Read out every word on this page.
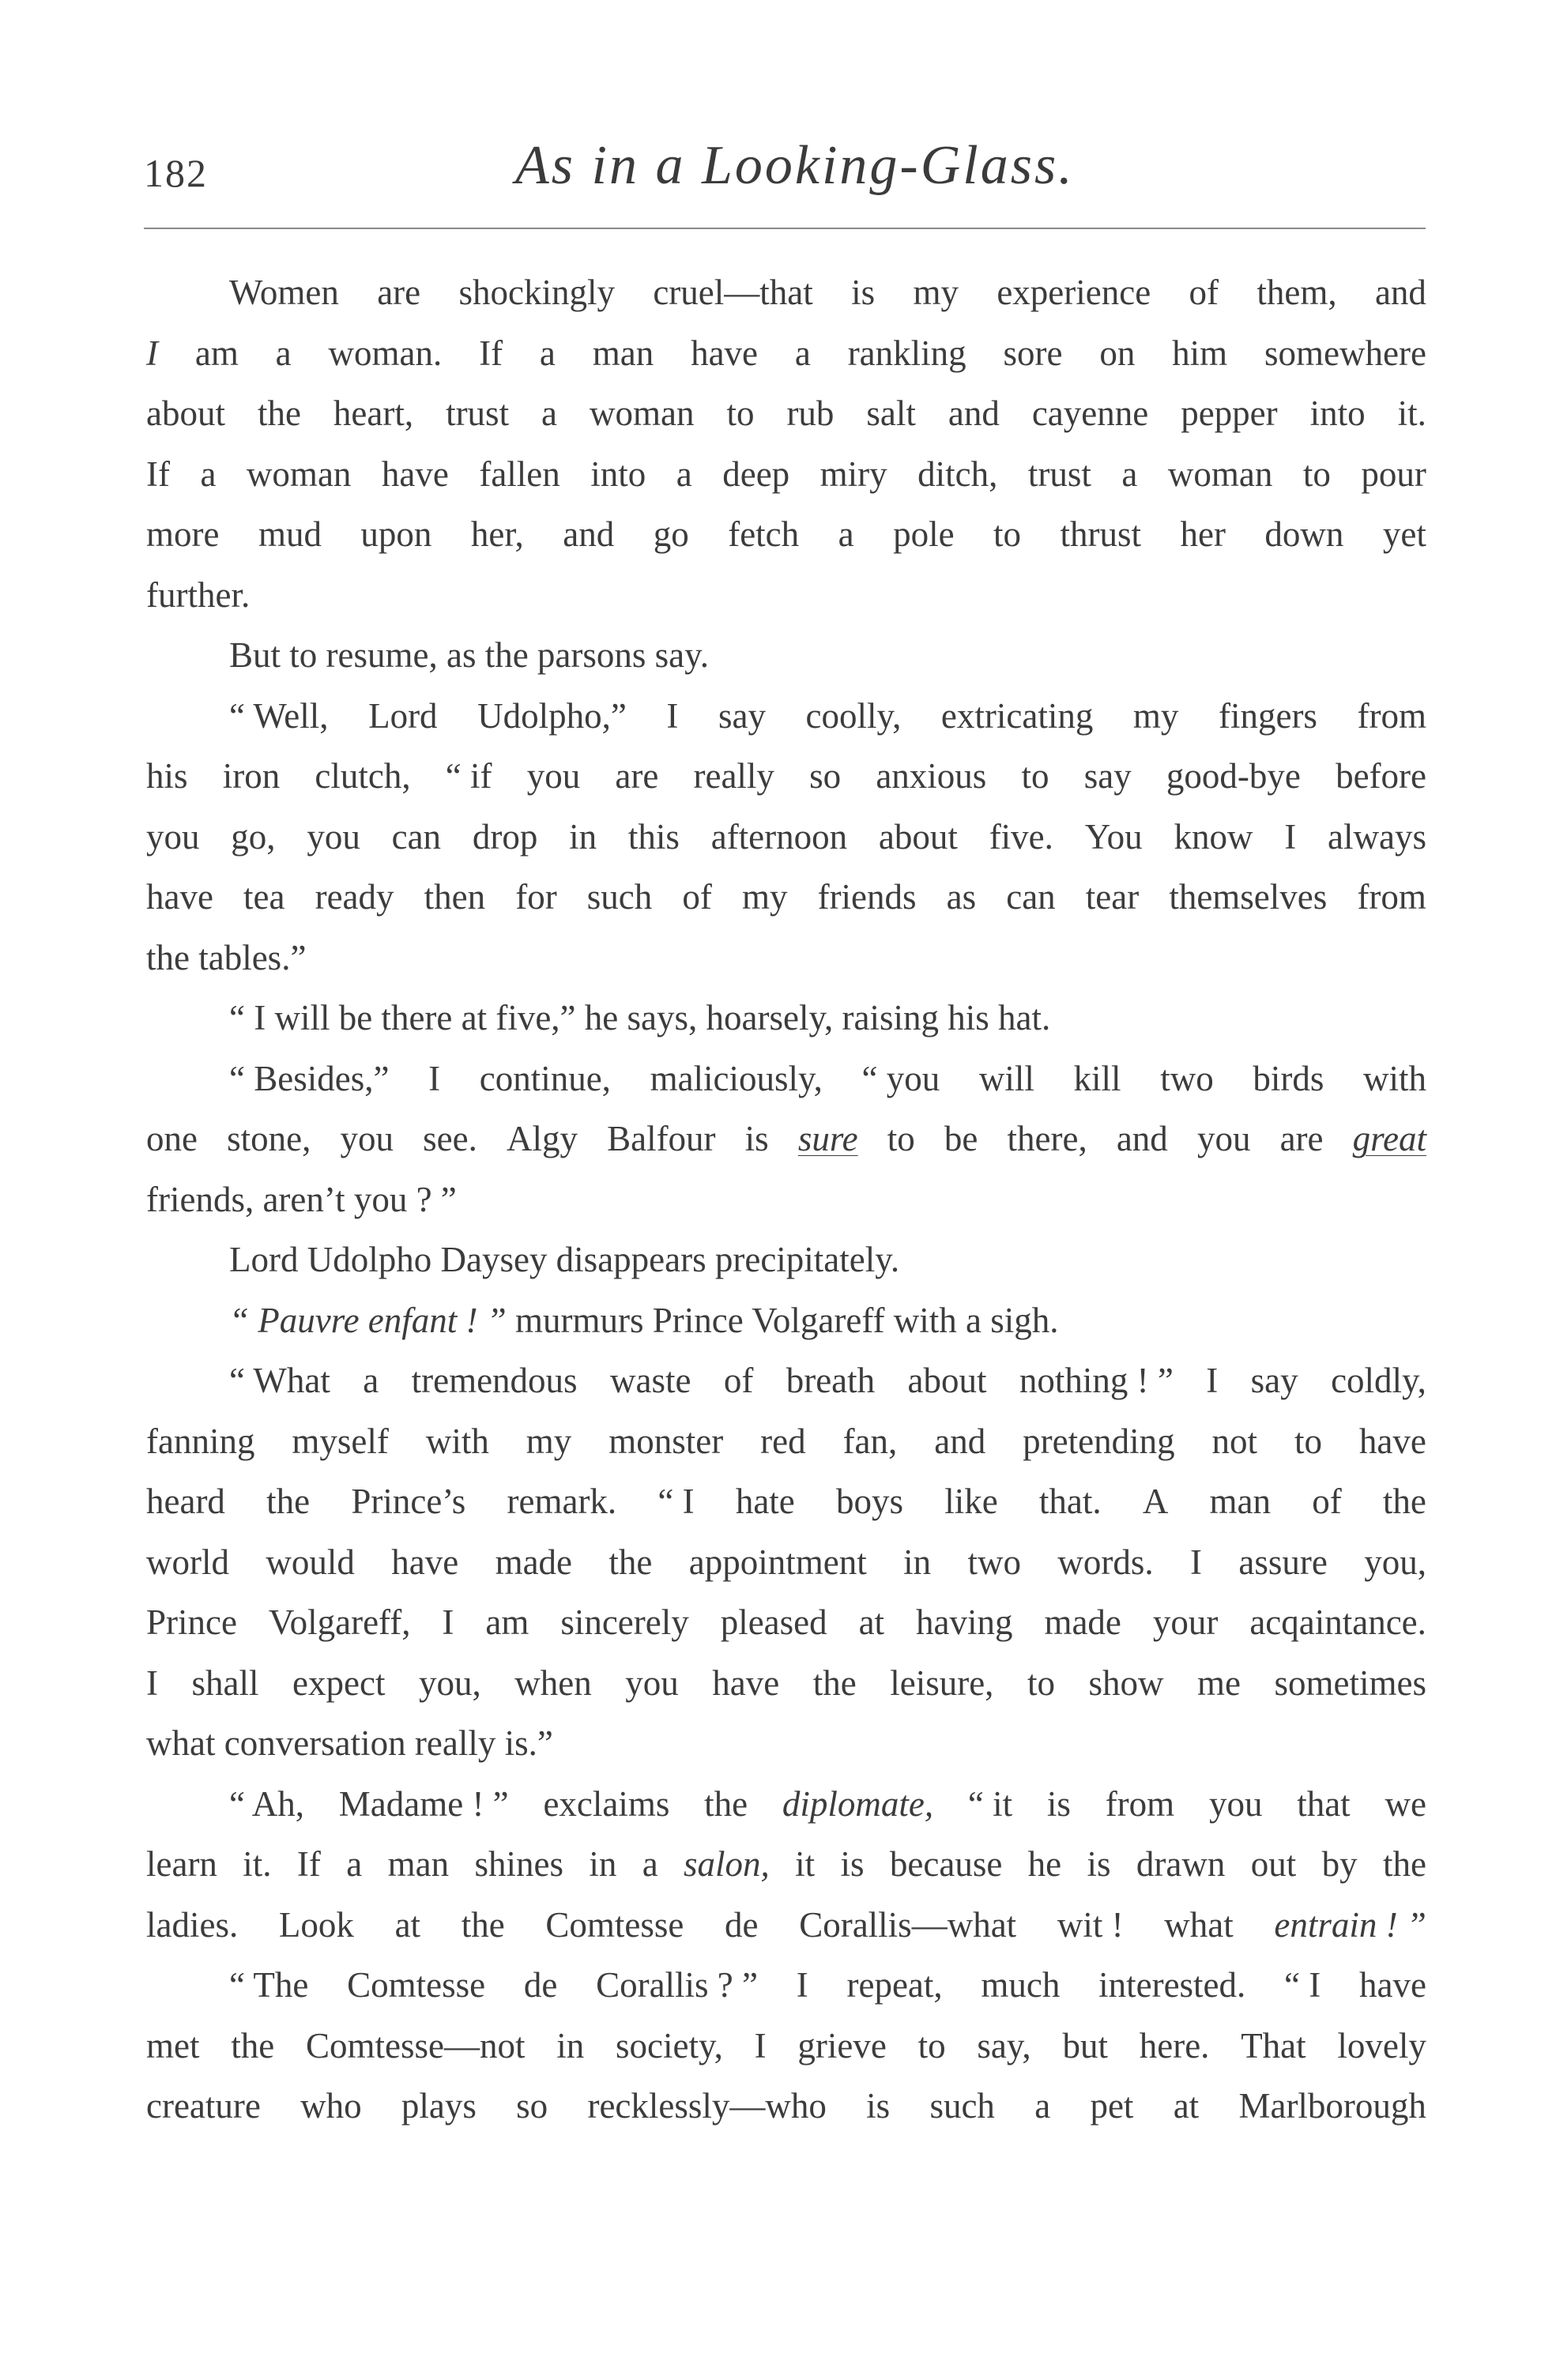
182	As in a Looking-Glass.
Women are shockingly cruel—that is my experience of them, and
I am a woman. If a man have a rankling sore on him somewhere
about the heart, trust a woman to rub salt and cayenne pepper into it.
If a woman have fallen into a deep miry ditch, trust a woman to pour
more mud upon her, and go fetch a pole to thrust her down yet
further.
But to resume, as the parsons say.
“ Well, Lord Udolpho,” I say coolly, extricating my fingers from
his iron clutch, “ if you are really so anxious to say good-bye before
you go, you can drop in this afternoon about five. You know I always
have tea ready then for such of my friends as can tear themselves from
the tables.”
“ I will be there at five,” he says, hoarsely, raising his hat.
“ Besides,” I continue, maliciously, “ you will kill two birds with
one stone, you see. Algy Balfour is sure to be there, and you are great
friends, aren’t you ? ”
Lord Udolpho Daysey disappears precipitately.
“ Pauvre enfant ! ” murmurs Prince Volgareff with a sigh.
“ What a tremendous waste of breath about nothing ! ” I say coldly,
fanning myself with my monster red fan, and pretending not to have
heard the Prince’s remark. “ I hate boys like that. A man of the
world would have made the appointment in two words. I assure you,
Prince Volgareff, I am sincerely pleased at having made your acqaintance.
I shall expect you, when you have the leisure, to show me sometimes
what conversation really is.”
“ Ah, Madame ! ” exclaims the diplomate, “ it is from you that we
learn it. If a man shines in a salon, it is because he is drawn out by the
ladies. Look at the Comtesse de Corallis—what wit ! what entrain ! ”
“ The Comtesse de Corallis ? ” I repeat, much interested. “ I have
met the Comtesse—not in society, I grieve to say, but here. That lovely
creature who plays so recklessly—who is such a pet at Marlborough
